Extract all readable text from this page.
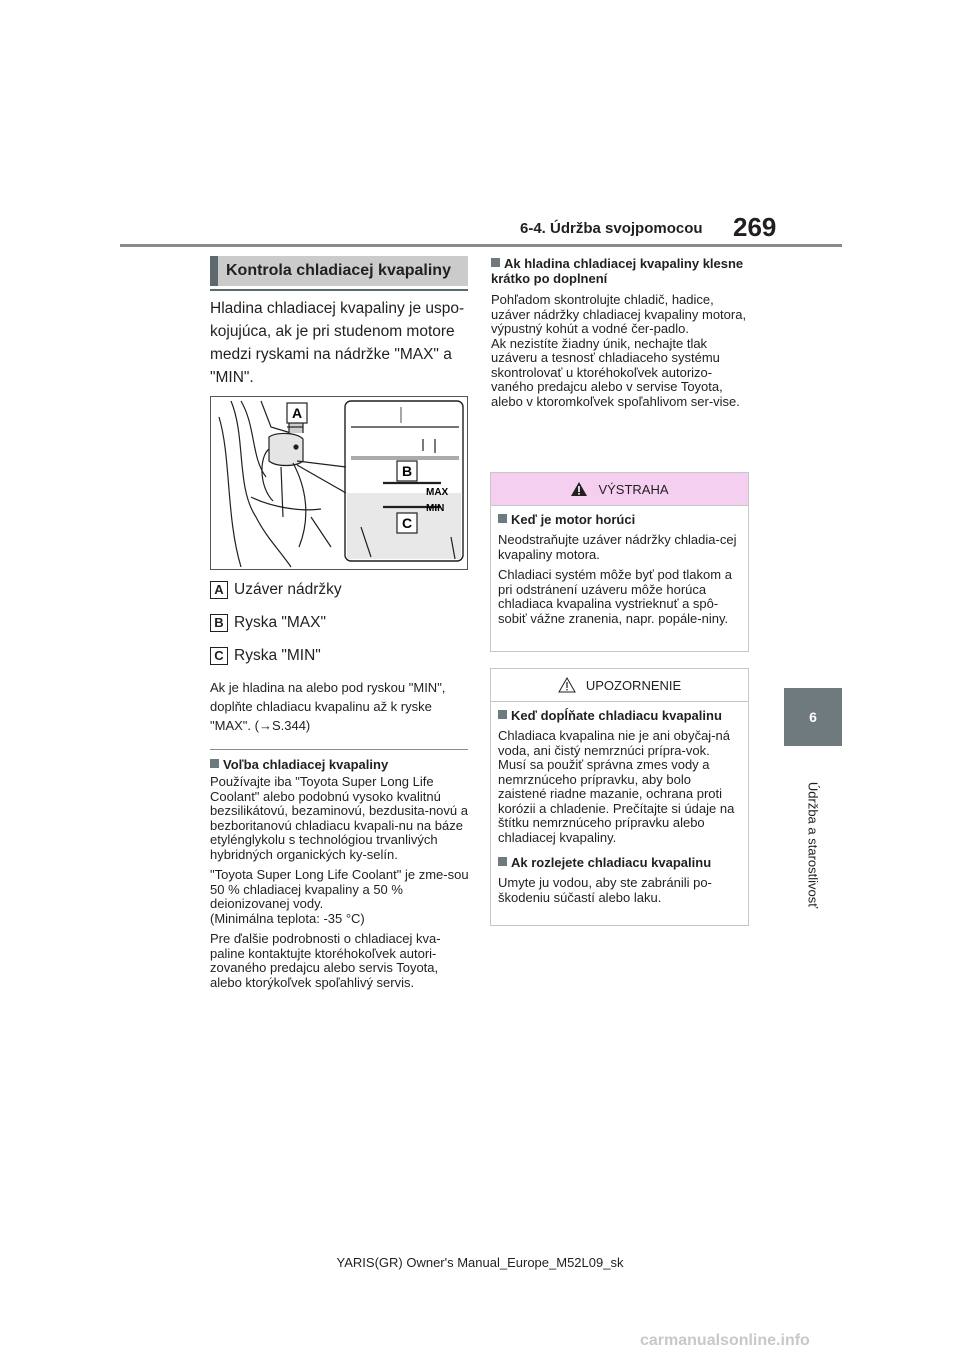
6-4. Údržba svojpomocou 269
6
Údržba a starostlivosť
Kontrola chladiacej kvapaliny
Hladina chladiacej kvapaliny je uspo-kojujúca, ak je pri studenom motore medzi ryskami na nádržke "MAX" a "MIN".
A
B
C
MAX
MIN
A Uzáver nádržky
B Ryska "MAX"
C Ryska "MIN"
Ak je hladina na alebo pod ryskou "MIN", doplňte chladiacu kvapalinu až k ryske "MAX". (→S.344)
Voľba chladiacej kvapaliny

Používajte iba "Toyota Super Long Life Coolant" alebo podobnú vysoko kvalitnú bezsilikátovú, bezaminovú, bezdusita-novú a bezboritanovú chladiacu kvapali-nu na báze etylénglykolu s technológiou trvanlivých hybridných organických ky-selín.

"Toyota Super Long Life Coolant" je zme-sou 50 % chladiacej kvapaliny a 50 % deionizovanej vody.

(Minimálna teplota: -35 °C)

Pre ďalšie podrobnosti o chladiacej kva-paline kontaktujte ktoréhokoľvek autori-zovaného predajcu alebo servis Toyota, alebo ktorýkoľvek spoľahlivý servis.

Ak hladina chladiacej kvapaliny klesne krátko po doplnení

Pohľadom skontrolujte chladič, hadice, uzáver nádržky chladiacej kvapaliny motora, výpustný kohút a vodné čer-padlo.

Ak nezistíte žiadny únik, nechajte tlak uzáveru a tesnosť chladiaceho systému skontrolovať u ktoréhokoľvek autorizo-vaného predajcu alebo v servise Toyota, alebo v ktoromkoľvek spoľahlivom ser-vise.

VÝSTRAHA
Keď je motor horúci

Neodstraňujte uzáver nádržky chladia-cej kvapaliny motora.

Chladiaci systém môže byť pod tlakom a pri odstránení uzáveru môže horúca chladiaca kvapalina vystrieknuť a spô-sobiť vážne zranenia, napr. popále-niny.

UPOZORNENIE
Keď dopĺňate chladiacu kvapalinu

Chladiaca kvapalina nie je ani obyčaj-ná voda, ani čistý nemrznúci prípra-vok. Musí sa použiť správna zmes vody a nemrznúceho prípravku, aby bolo zaistené riadne mazanie, ochrana proti korózii a chladenie. Prečítajte si údaje na štítku nemrznúceho prípravku alebo chladiacej kvapaliny.

Ak rozlejete chladiacu kvapalinu

Umyte ju vodou, aby ste zabránili po-škodeniu súčastí alebo laku.

YARIS(GR) Owner's Manual_Europe_M52L09_sk
carmanualsonline.info
